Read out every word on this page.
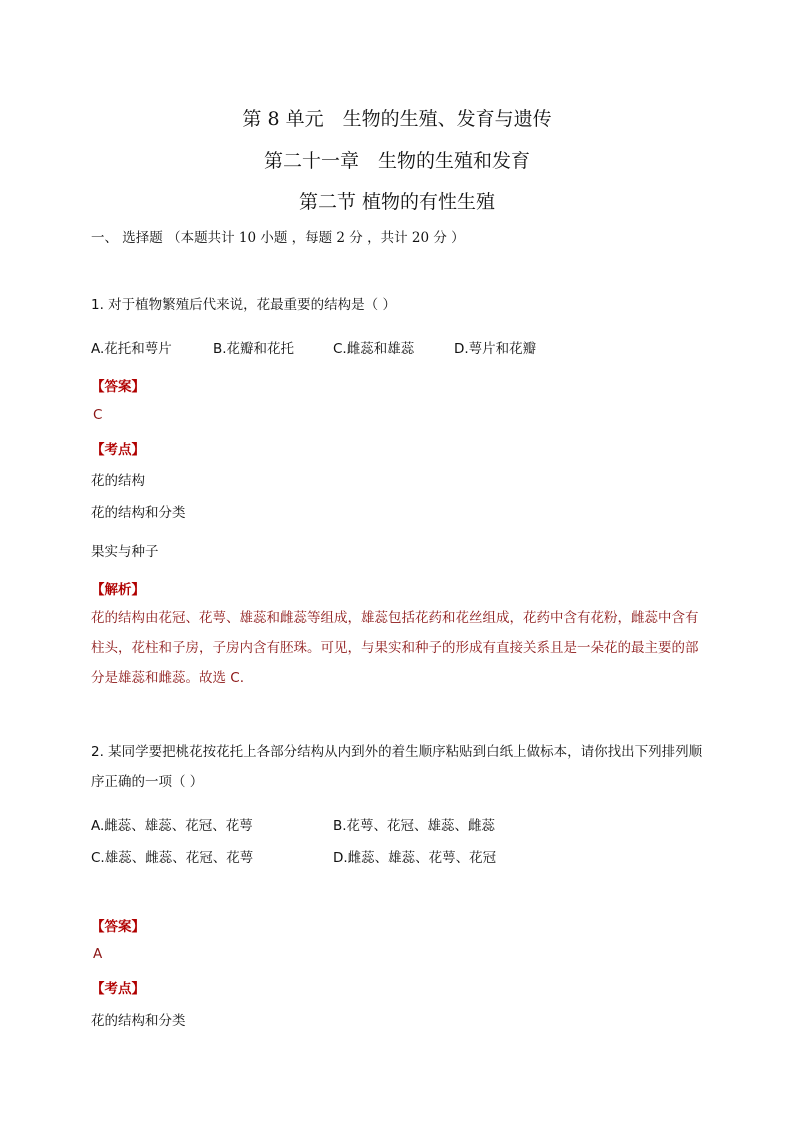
第 8 单元　生物的生殖、发育与遗传
第二十一章　生物的生殖和发育
第二节 植物的有性生殖
一、 选择题 （本题共计 10 小题 ，每题 2 分 ，共计 20 分 ）
1. 对于植物繁殖后代来说，花最重要的结构是（ ）
A.花托和萼片	B.花瓣和花托	C.雌蕊和雄蕊	D.萼片和花瓣
【答案】
C
【考点】
花的结构
花的结构和分类
果实与种子
【解析】
花的结构由花冠、花萼、雄蕊和雌蕊等组成，雄蕊包括花药和花丝组成，花药中含有花粉，雌蕊中含有柱头，花柱和子房，子房内含有胚珠。可见，与果实和种子的形成有直接关系且是一朵花的最主要的部分是雄蕊和雌蕊。故选 C.
2. 某同学要把桃花按花托上各部分结构从内到外的着生顺序粘贴到白纸上做标本，请你找出下列排列顺序正确的一项（ ）
A.雌蕊、雄蕊、花冠、花萼	B.花萼、花冠、雄蕊、雌蕊
C.雄蕊、雌蕊、花冠、花萼	D.雌蕊、雄蕊、花萼、花冠
【答案】
A
【考点】
花的结构和分类
